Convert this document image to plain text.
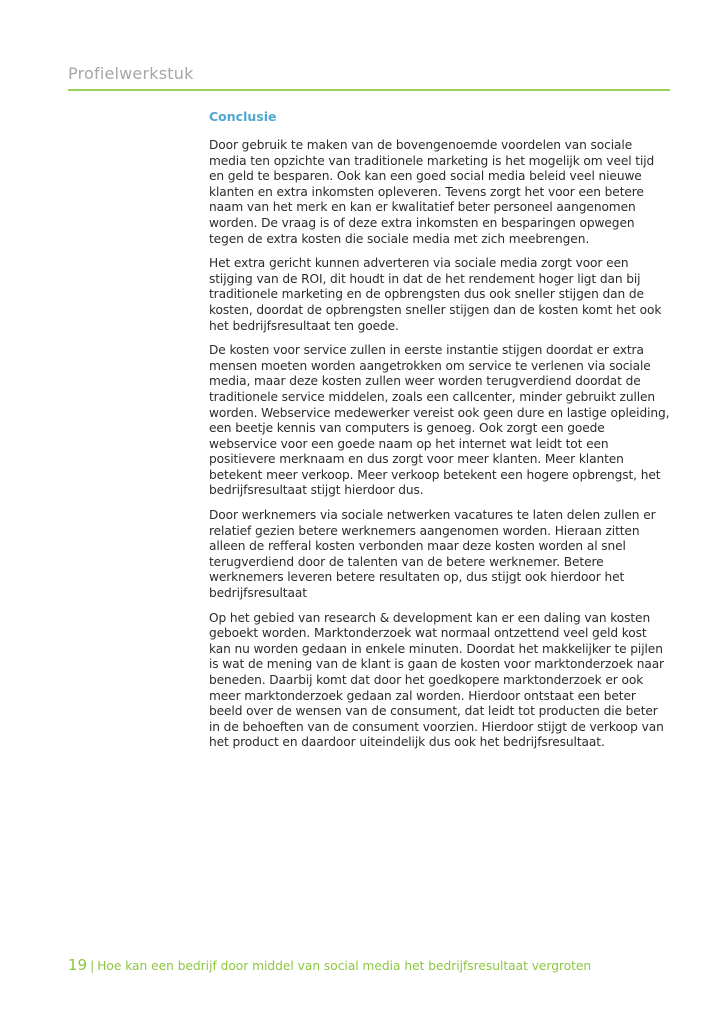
Profielwerkstuk
Conclusie

Door gebruik te maken van de bovengenoemde voordelen van sociale media ten opzichte van traditionele marketing is het mogelijk om veel tijd en geld te besparen. Ook kan een goed social media beleid veel nieuwe klanten en extra inkomsten opleveren. Tevens zorgt het voor een betere naam van het merk en kan er kwalitatief beter personeel aangenomen worden. De vraag is of deze extra inkomsten en besparingen opwegen tegen de extra kosten die sociale media met zich meebrengen.

Het extra gericht kunnen adverteren via sociale media zorgt voor een stijging van de ROI, dit houdt in dat de het rendement hoger ligt dan bij traditionele marketing en de opbrengsten dus ook sneller stijgen dan de kosten, doordat de opbrengsten sneller stijgen dan de kosten komt het ook het bedrijfsresultaat ten goede.

De kosten voor service zullen in eerste instantie stijgen doordat er extra mensen moeten worden aangetrokken om service te verlenen via sociale media, maar deze kosten zullen weer worden terugverdiend doordat de traditionele service middelen, zoals een callcenter, minder gebruikt zullen worden. Webservice medewerker vereist ook geen dure en lastige opleiding, een beetje kennis van computers is genoeg. Ook zorgt een goede webservice voor een goede naam op het internet wat leidt tot een positievere merknaam en dus zorgt voor meer klanten. Meer klanten betekent meer verkoop. Meer verkoop betekent een hogere opbrengst, het bedrijfsresultaat stijgt hierdoor dus.

Door werknemers via sociale netwerken vacatures te laten delen zullen er relatief gezien betere werknemers aangenomen worden. Hieraan zitten alleen de refferal kosten verbonden maar deze kosten worden al snel terugverdiend door de talenten van de betere werknemer. Betere werknemers leveren betere resultaten op, dus stijgt ook hierdoor het bedrijfsresultaat

Op het gebied van research & development kan er een daling van kosten geboekt worden. Marktonderzoek wat normaal ontzettend veel geld kost kan nu worden gedaan in enkele minuten. Doordat het makkelijker te pijlen is wat de mening van de klant is gaan de kosten voor marktonderzoek naar beneden. Daarbij komt dat door het goedkopere marktonderzoek er ook meer marktonderzoek gedaan zal worden. Hierdoor ontstaat een beter beeld over de wensen van de consument, dat leidt tot producten die beter in de behoeften van de consument voorzien. Hierdoor stijgt de verkoop van het product en daardoor uiteindelijk dus ook het bedrijfsresultaat.

19 | Hoe kan een bedrijf door middel van social media het bedrijfsresultaat vergroten
